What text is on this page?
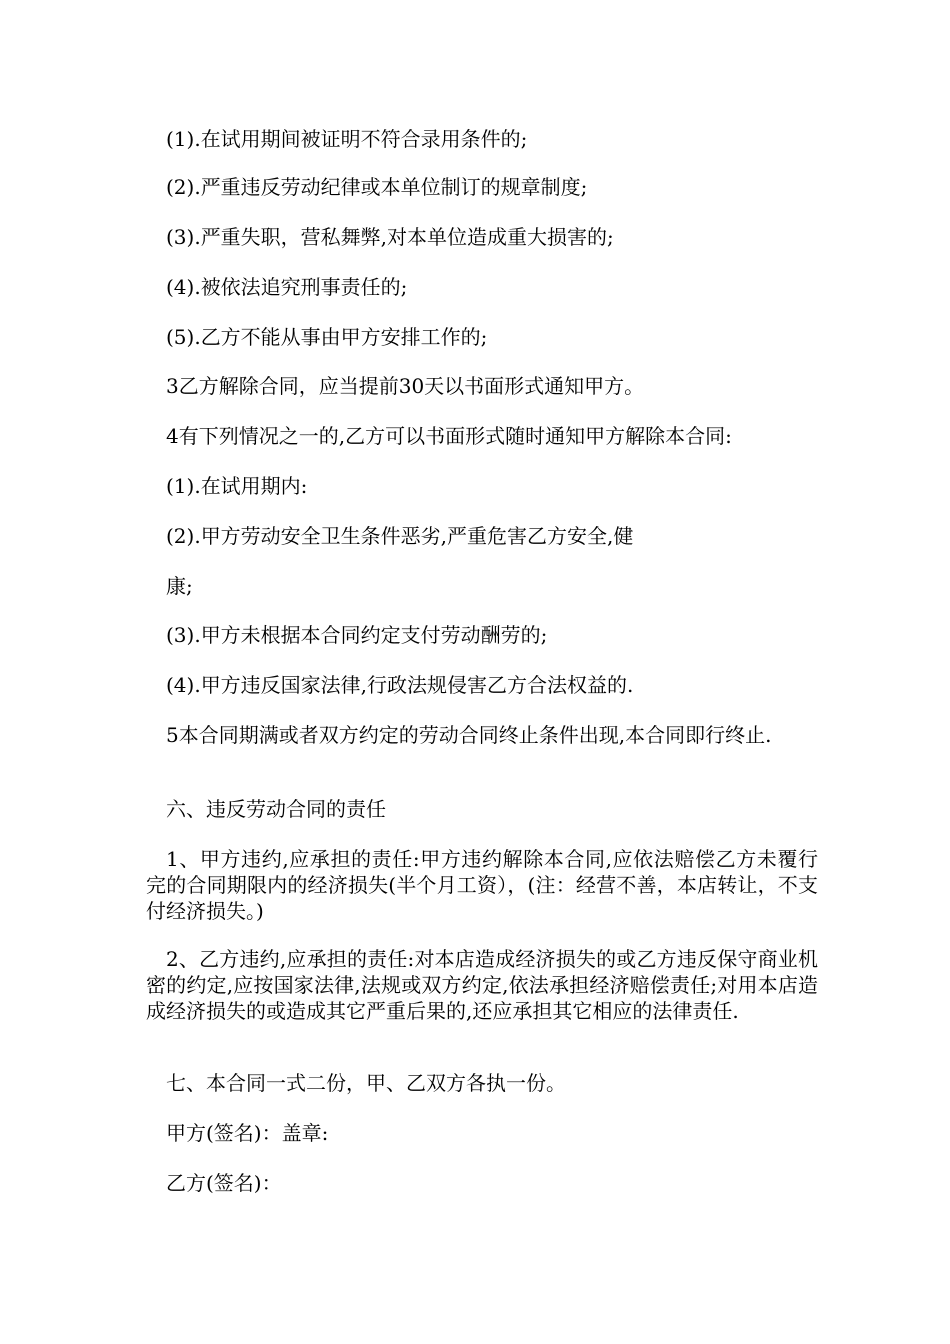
(1).在试用期间被证明不符合录用条件的;

(2).严重违反劳动纪律或本单位制订的规章制度;

(3).严重失职，营私舞弊,对本单位造成重大损害的;

(4).被依法追究刑事责任的;

(5).乙方不能从事由甲方安排工作的;

3乙方解除合同，应当提前30天以书面形式通知甲方。

4有下列情况之一的,乙方可以书面形式随时通知甲方解除本合同:

(1).在试用期内:

(2).甲方劳动安全卫生条件恶劣,严重危害乙方安全,健

康;

(3).甲方未根据本合同约定支付劳动酬劳的;

(4).甲方违反国家法律,行政法规侵害乙方合法权益的.

5本合同期满或者双方约定的劳动合同终止条件出现,本合同即行终止.

六、违反劳动合同的责任

1、甲方违约,应承担的责任:甲方违约解除本合同,应依法赔偿乙方未覆行完的合同期限内的经济损失(半个月工资），(注：经营不善，本店转让，不支付经济损失。)

2、乙方违约,应承担的责任:对本店造成经济损失的或乙方违反保守商业机密的约定,应按国家法律,法规或双方约定,依法承担经济赔偿责任;对用本店造成经济损失的或造成其它严重后果的,还应承担其它相应的法律责任.

七、本合同一式二份，甲、乙双方各执一份。

甲方(签名)：盖章:

乙方(签名)：
